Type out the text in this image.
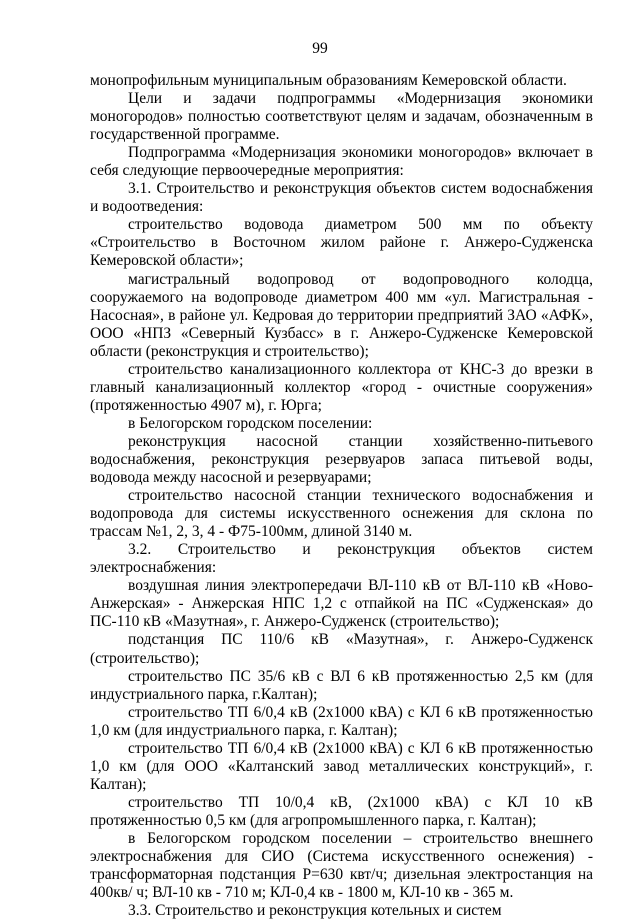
99

монопрофильным муниципальным образованиям Кемеровской области.

Цели и задачи подпрограммы «Модернизация экономики моногородов» полностью соответствуют целям и задачам, обозначенным в государственной программе.

Подпрограмма «Модернизация экономики моногородов» включает в себя следующие первоочередные мероприятия:

3.1. Строительство и реконструкция объектов систем водоснабжения и водоотведения:

строительство водовода диаметром 500 мм по объекту «Строительство в Восточном жилом районе г. Анжеро-Судженска Кемеровской области»;

магистральный водопровод от водопроводного колодца, сооружаемого на водопроводе диаметром 400 мм «ул. Магистральная - Насосная», в районе ул. Кедровая до территории предприятий ЗАО «АФК», ООО «НПЗ «Северный Кузбасс» в г. Анжеро-Судженске Кемеровской области (реконструкция и строительство);

строительство канализационного коллектора от КНС-3 до врезки в главный канализационный коллектор «город - очистные сооружения» (протяженностью 4907 м), г. Юрга;

в Белогорском городском поселении:

реконструкция насосной станции хозяйственно-питьевого водоснабжения, реконструкция резервуаров запаса питьевой воды, водовода между насосной и резервуарами;

строительство насосной станции технического водоснабжения и водопровода для системы искусственного оснежения для склона по трассам №1, 2, 3, 4 - Ф75-100мм, длиной 3140 м.

3.2. Строительство и реконструкция объектов систем электроснабжения:

воздушная линия электропередачи ВЛ-110 кВ от ВЛ-110 кВ «Ново-Анжерская» - Анжерская НПС 1,2 с отпайкой на ПС «Судженская» до ПС-110 кВ «Мазутная», г. Анжеро-Судженск (строительство);

подстанция ПС 110/6 кВ «Мазутная», г. Анжеро-Судженск (строительство);

строительство ПС 35/6 кВ с ВЛ 6 кВ протяженностью 2,5 км (для индустриального парка, г.Калтан);

строительство ТП 6/0,4 кВ (2х1000 кВА) с КЛ 6 кВ протяженностью 1,0 км (для индустриального парка, г. Калтан);

строительство ТП 6/0,4 кВ (2х1000 кВА) с КЛ 6 кВ протяженностью 1,0 км (для ООО «Калтанский завод металлических конструкций», г. Калтан);

строительство ТП 10/0,4 кВ, (2х1000 кВА) с КЛ 10 кВ протяженностью 0,5 км (для агропромышленного парка, г. Калтан);

в Белогорском городском поселении – строительство внешнего электроснабжения для СИО (Система искусственного оснежения) - трансформаторная подстанция Р=630 квт/ч; дизельная электростанция на 400кв/ ч; ВЛ-10 кв - 710 м; КЛ-0,4 кв - 1800 м, КЛ-10 кв - 365 м.

3.3. Строительство и реконструкция котельных и систем
